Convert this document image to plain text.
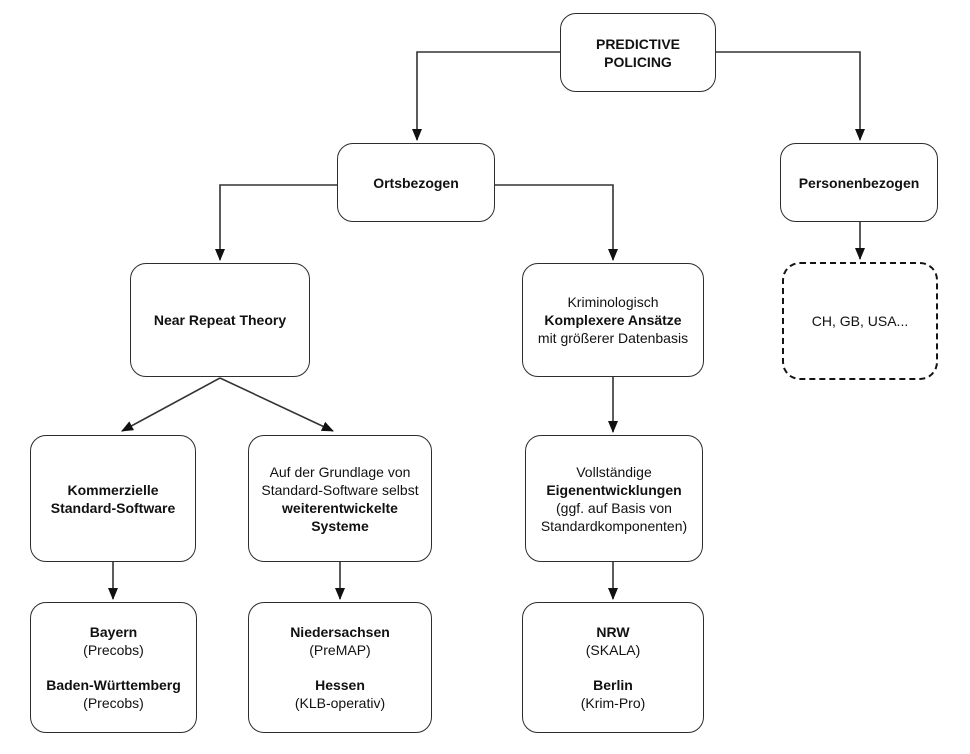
PREDICTIVE
POLICING
Ortsbezogen	Personenbezogen
Near Repeat Theory
Kriminologisch
Komplexere Ansätze
mit größerer Datenbasis
CH, GB, USA...
Kommerzielle
Standard-Software
Auf der Grundlage von
Standard-Software selbst
weiterentwickelte
Systeme
Vollständige
Eigenentwicklungen
(ggf. auf Basis von
Standardkomponenten)
Bayern
(Precobs)
Baden-Württemberg
(Precobs)
Niedersachsen
(PreMAP)
Hessen
(KLB-operativ)
NRW
(SKALA)
Berlin
(Krim-Pro)
